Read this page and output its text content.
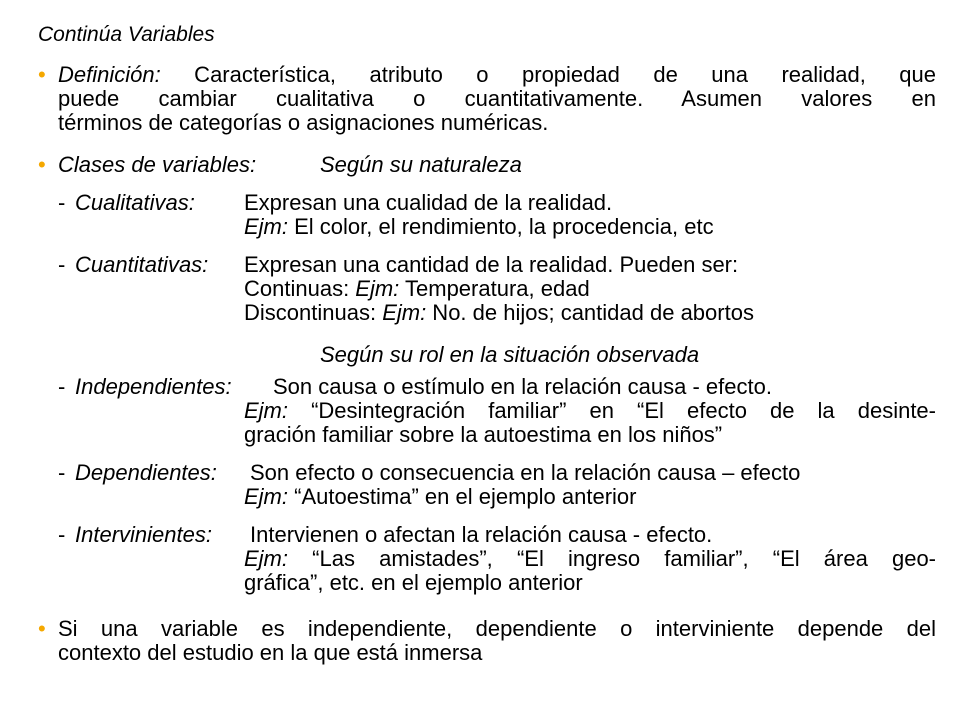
Continúa Variables
• Definición: Característica, atributo o propiedad de una realidad, que
puede cambiar cualitativa o cuantitativamente. Asumen valores en
términos de categorías o asignaciones numéricas.
• Clases de variables:	Según su naturaleza
- Cualitativas: Expresan una cualidad de la realidad.
Ejm: El color, el rendimiento, la procedencia, etc
- Cuantitativas: Expresan una cantidad de la realidad. Pueden ser:
Continuas: Ejm: Temperatura, edad
Discontinuas: Ejm: No. de hijos; cantidad de abortos
Según su rol en la situación observada
- Independientes: Son causa o estímulo en la relación causa - efecto.
Ejm: “Desintegración familiar” en “El efecto de la desinte-
gración familiar sobre la autoestima en los niños”
- Dependientes: Son efecto o consecuencia en la relación causa – efecto
Ejm: “Autoestima” en el ejemplo anterior
- Intervinientes: Intervienen o afectan la relación causa - efecto.
Ejm: “Las amistades”, “El ingreso familiar”, “El área geo-
gráfica”, etc. en el ejemplo anterior
• Si una variable es independiente, dependiente o interviniente depende del
contexto del estudio en la que está inmersa
